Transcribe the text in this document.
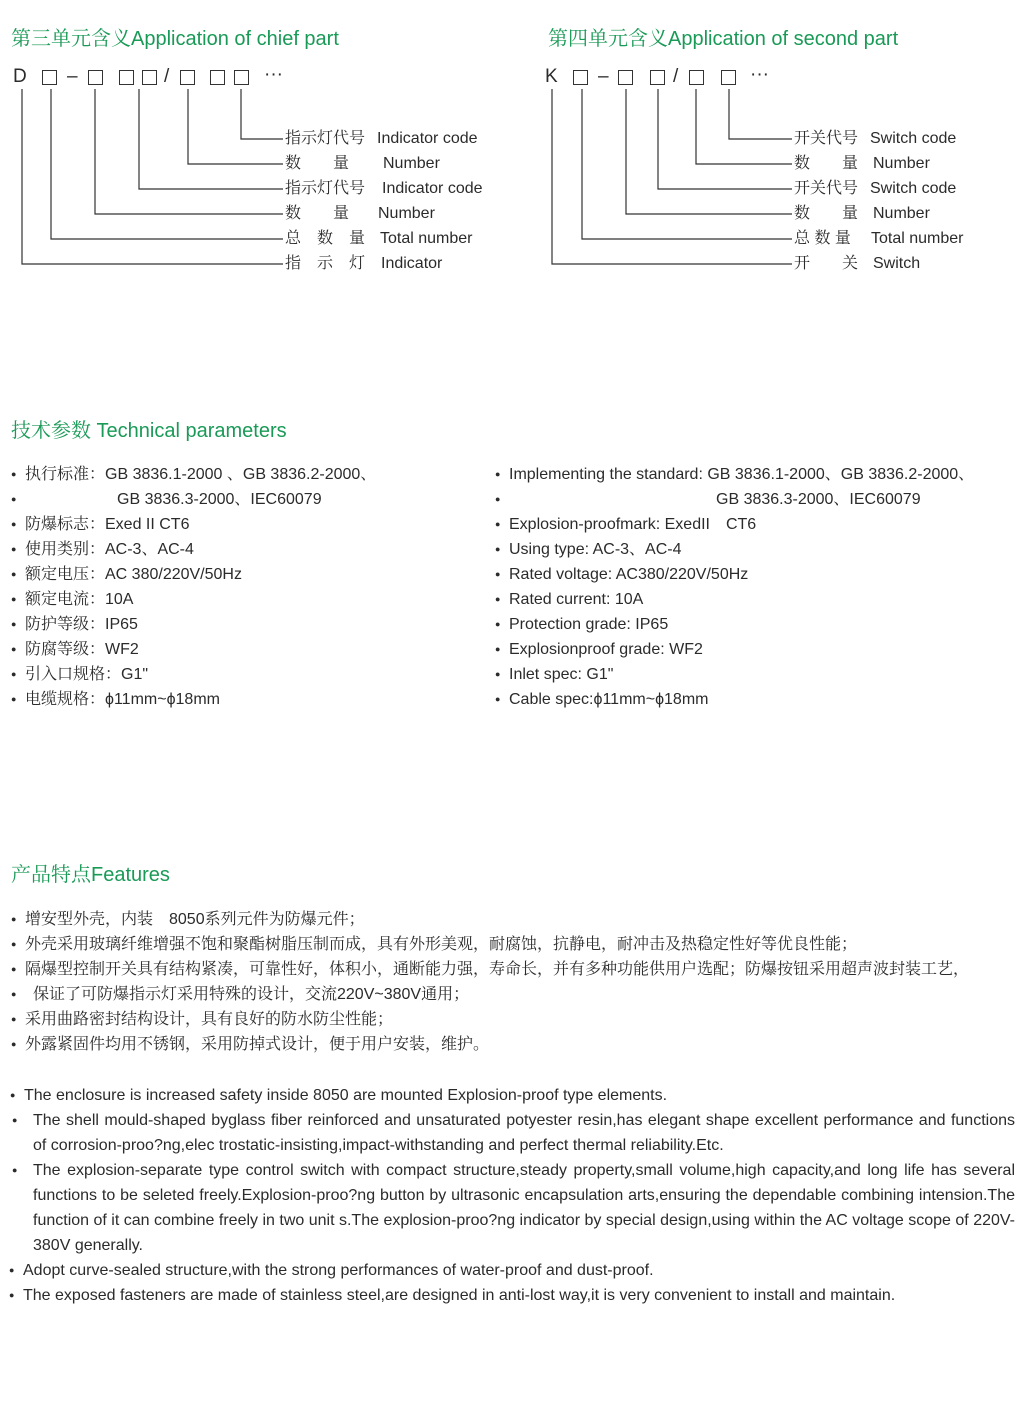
第三单元含义Application of chief part
D –	/	···
指示灯代号 Indicator code
数　　量 Number
指示灯代号 Indicator code
数　　量 Number
总　数　量 Total number
指　示　灯 Indicator
第四单元含义Application of second part
K –	/	···
开关代号 Switch code
数　　量 Number
开关代号 Switch code
数　　量 Number
总 数 量 Total number
开　　关 Switch
技术参数 Technical parameters
● 执行标准：GB 3836.1-2000 、GB 3836.2-2000、
● GB 3836.3-2000、IEC60079
● 防爆标志：Exed II CT6
● 使用类别：AC-3、AC-4
● 额定电压：AC 380/220V/50Hz
● 额定电流：10A
● 防护等级：IP65
● 防腐等级：WF2
● 引入口规格：G1"
● 电缆规格：ϕ11mm~ϕ18mm
● Implementing the standard: GB 3836.1-2000、GB 3836.2-2000、
● GB 3836.3-2000、IEC60079
● Explosion-proofmark: ExedII　CT6
● Using type: AC-3、AC-4
● Rated voltage: AC380/220V/50Hz
● Rated current: 10A
● Protection grade: IP65
● Explosionproof grade: WF2
● Inlet spec: G1"
● Cable spec:ϕ11mm~ϕ18mm
产品特点Features
● 增安型外壳，内装　8050系列元件为防爆元件；
● 外壳采用玻璃纤维增强不饱和聚酯树脂压制而成，具有外形美观，耐腐蚀，抗静电，耐冲击及热稳定性好等优良性能；
● 隔爆型控制开关具有结构紧凑，可靠性好，体积小，通断能力强，寿命长，并有多种功能供用户选配；防爆按钮采用超声波封装工艺，
● 保证了可防爆指示灯采用特殊的设计，交流220V~380V通用；
● 采用曲路密封结构设计，具有良好的防水防尘性能；
● 外露紧固件均用不锈钢，采用防掉式设计，便于用户安装，维护。
● The enclosure is increased safety inside 8050 are mounted Explosion-proof type elements.
● The shell mould-shaped byglass fiber reinforced and unsaturated potyester resin,has elegant shape excellent performance and functions of corrosion-proo?ng,elec trostatic-insisting,impact-withstanding and perfect thermal reliability.Etc.
● The explosion-separate type control switch with compact structure,steady property,small volume,high capacity,and long life has several functions to be seleted freely.Explosion-proo?ng button by ultrasonic encapsulation arts,ensuring the dependable combining intension.The function of it can combine freely in two unit s.The explosion-proo?ng indicator by special design,using within the AC voltage scope of 220V-380V generally.
● Adopt curve-sealed structure,with the strong performances of water-proof and dust-proof.
● The exposed fasteners are made of stainless steel,are designed in anti-lost way,it is very convenient to install and maintain.
